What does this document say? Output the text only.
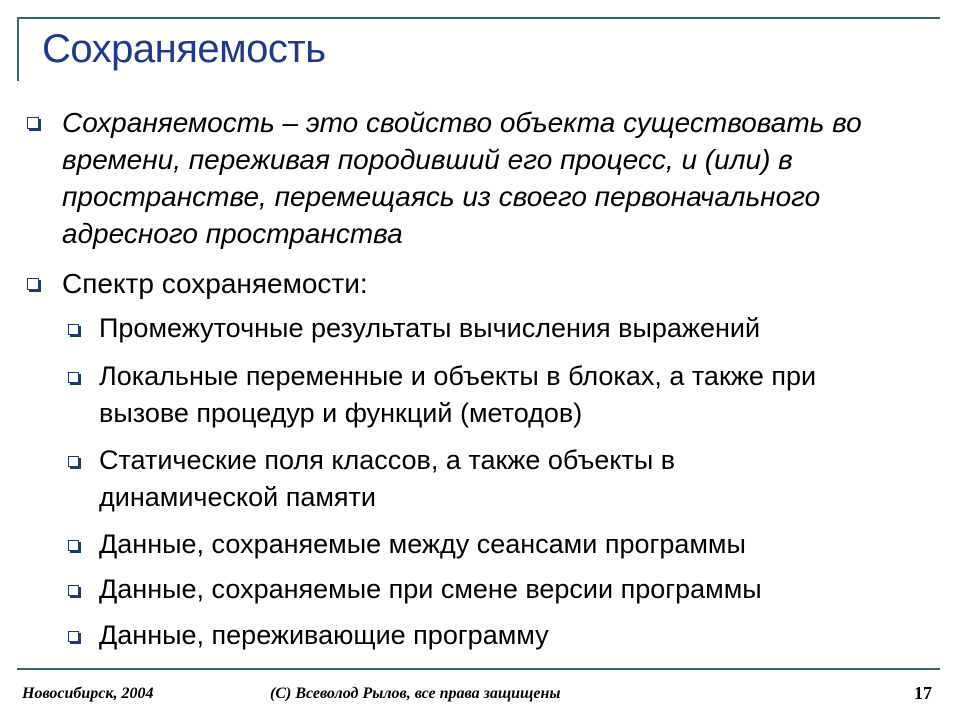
Сохраняемость
Сохраняемость – это свойство объекта существовать во времени, переживая породивший его процесс, и (или) в пространстве, перемещаясь из своего первоначального адресного пространства
Спектр сохраняемости:
Промежуточные результаты вычисления выражений
Локальные переменные и объекты в блоках, а также при вызове процедур и функций (методов)
Статические поля классов, а также объекты в динамической памяти
Данные, сохраняемые между сеансами программы
Данные, сохраняемые при смене версии программы
Данные, переживающие программу
Новосибирск, 2004	(С) Всеволод Рылов, все права защищены	17
